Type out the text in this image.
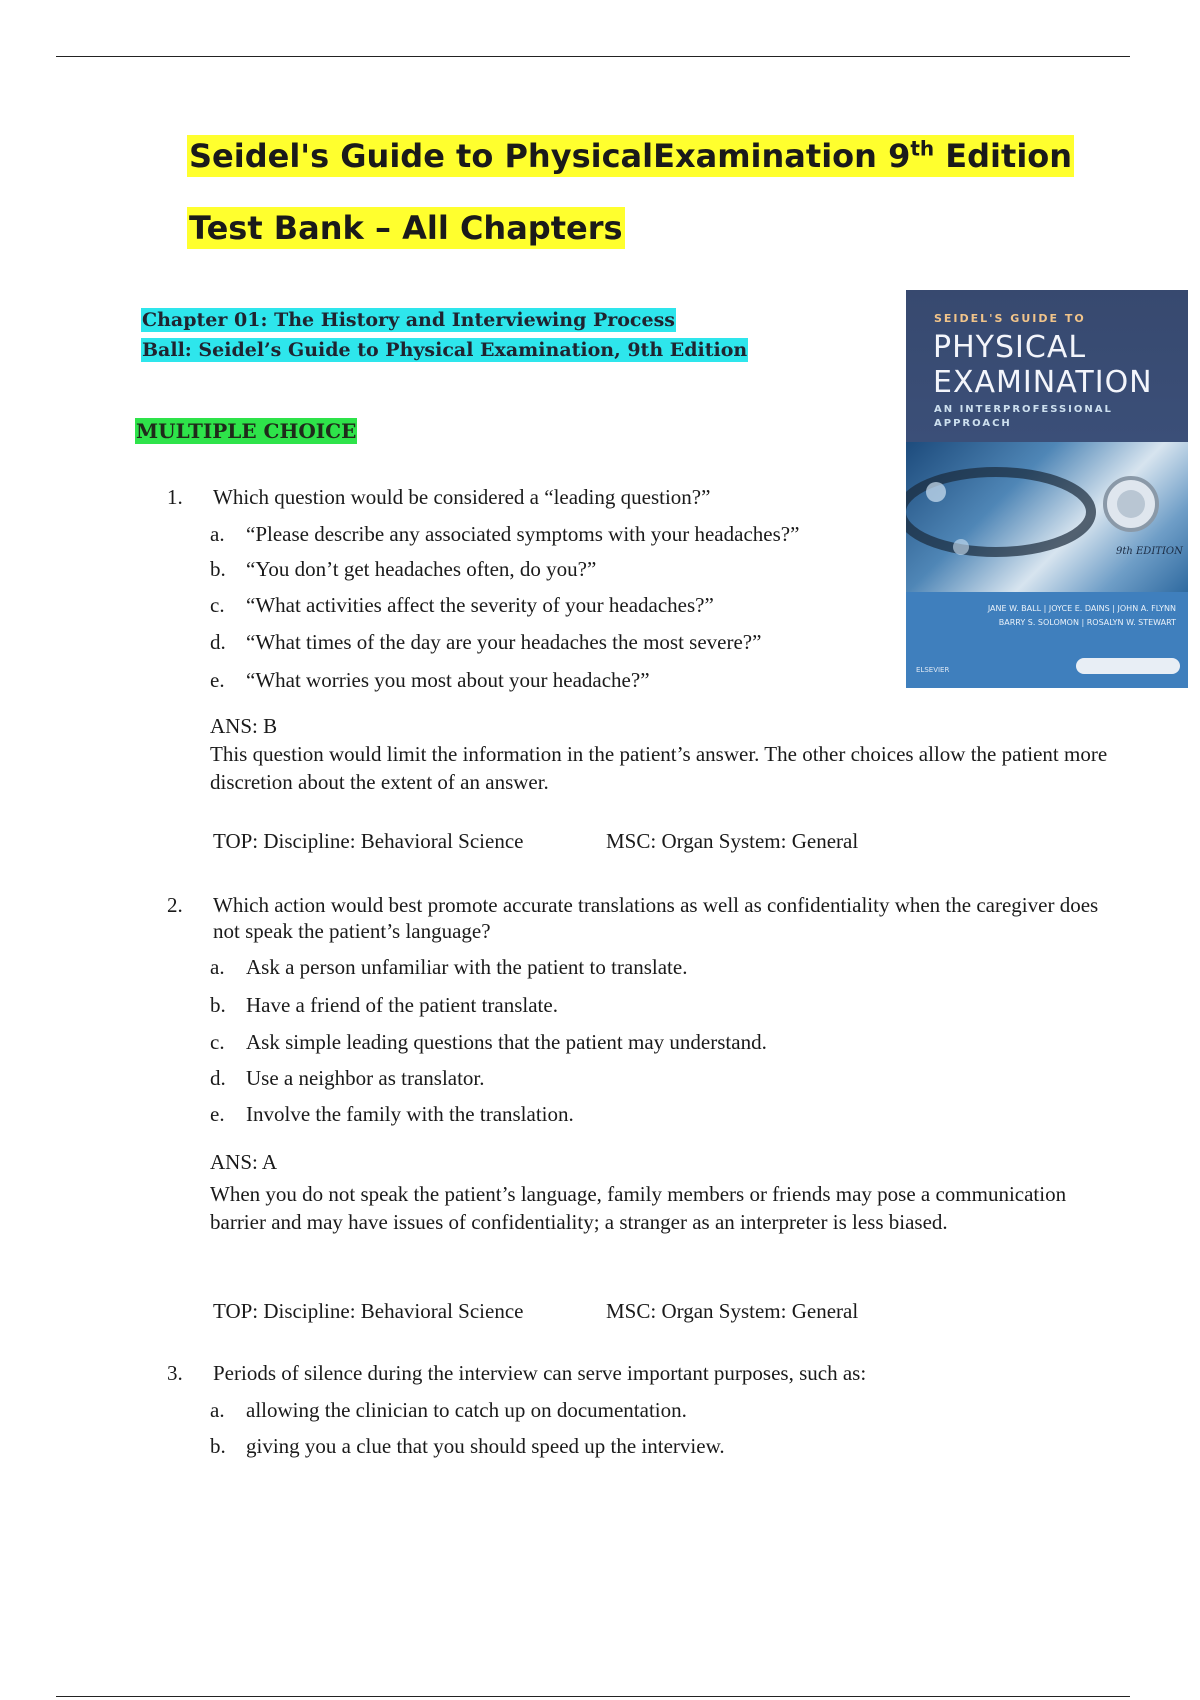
Seidel's Guide to PhysicalExamination 9th Edition
Test Bank – All Chapters
Chapter 01: The History and Interviewing Process
Ball: Seidel’s Guide to Physical Examination, 9th Edition
MULTIPLE CHOICE
SEIDEL'S GUIDE TO
PHYSICAL
EXAMINATION
AN INTERPROFESSIONAL APPROACH
9th EDITION
JANE W. BALL | JOYCE E. DAINS | JOHN A. FLYNN
BARRY S. SOLOMON | ROSALYN W. STEWART
ELSEVIER
1.	Which question would be considered a “leading question?”
a.	“Please describe any associated symptoms with your headaches?”
b. “You don’t get headaches often, do you?”
c.	“What activities affect the severity of your headaches?”
d. “What times of the day are your headaches the most severe?”
e.	“What worries you most about your headache?”
ANS: B
This question would limit the information in the patient’s answer. The other choices allow the patient more discretion about the extent of an answer.
TOP: Discipline: Behavioral Science	MSC: Organ System: General
2.	Which action would best promote accurate translations as well as confidentiality when the caregiver does not speak the patient’s language?
a.	Ask a person unfamiliar with the patient to translate.
b. Have a friend of the patient translate.
c.	Ask simple leading questions that the patient may understand.
d. Use a neighbor as translator.
e.	Involve the family with the translation.
ANS: A
When you do not speak the patient’s language, family members or friends may pose a communication barrier and may have issues of confidentiality; a stranger as an interpreter is less biased.
TOP: Discipline: Behavioral Science	MSC: Organ System: General
3.	Periods of silence during the interview can serve important purposes, such as:
a.	allowing the clinician to catch up on documentation.
b. giving you a clue that you should speed up the interview.
